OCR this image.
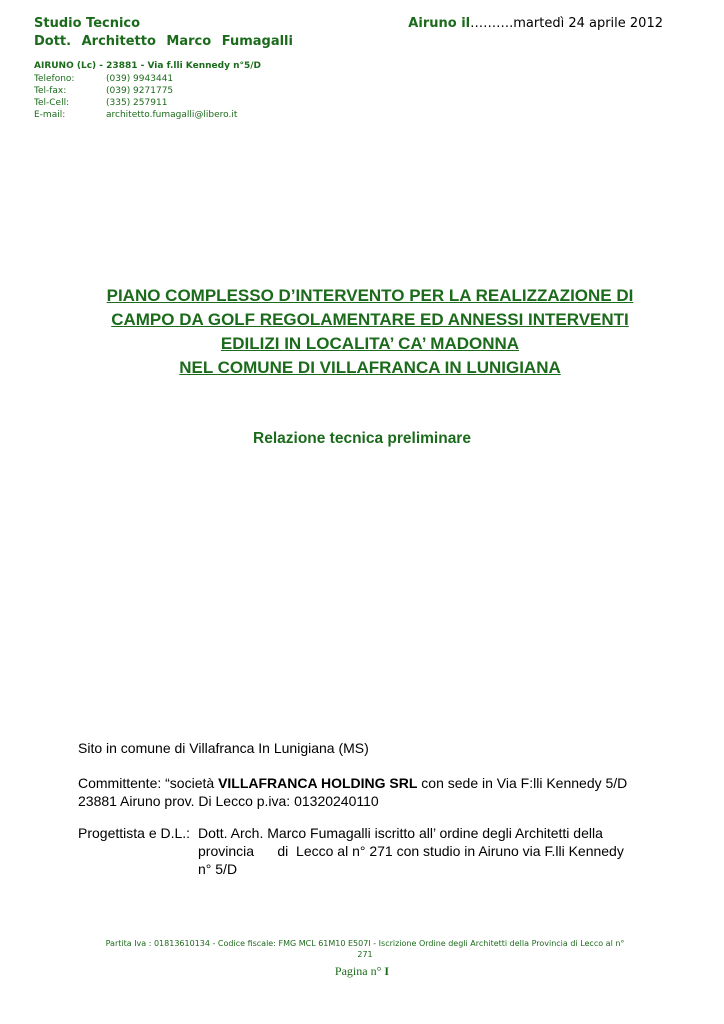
Studio Tecnico
Dott. Architetto Marco Fumagalli
Airuno il……….martedì 24 aprile 2012
AIRUNO (Lc) - 23881 - Via f.lli Kennedy n°5/D
Telefono:	(039) 9943441
Tel-fax:	(039) 9271775
Tel-Cell:	(335) 257911
E-mail:	architetto.fumagalli@libero.it
PIANO COMPLESSO D’INTERVENTO PER LA REALIZZAZIONE DI
CAMPO DA GOLF REGOLAMENTARE ED ANNESSI INTERVENTI
EDILIZI IN LOCALITA’ CA’ MADONNA
NEL COMUNE DI VILLAFRANCA IN LUNIGIANA
Relazione tecnica preliminare
Sito in comune di Villafranca In Lunigiana (MS)
Committente: “società VILLAFRANCA HOLDING SRL con sede in Via F:lli Kennedy 5/D
23881 Airuno prov. Di Lecco p.iva: 01320240110
Progettista e D.L.: Dott. Arch. Marco Fumagalli iscritto all’ ordine degli Architetti della
provincia      di  Lecco al n° 271 con studio in Airuno via F.lli Kennedy
n° 5/D
Partita Iva : 01813610134 - Codice fiscale: FMG MCL 61M10 E507I - Iscrizione Ordine degli Architetti della Provincia di Lecco al n°
271
Pagina n° I
